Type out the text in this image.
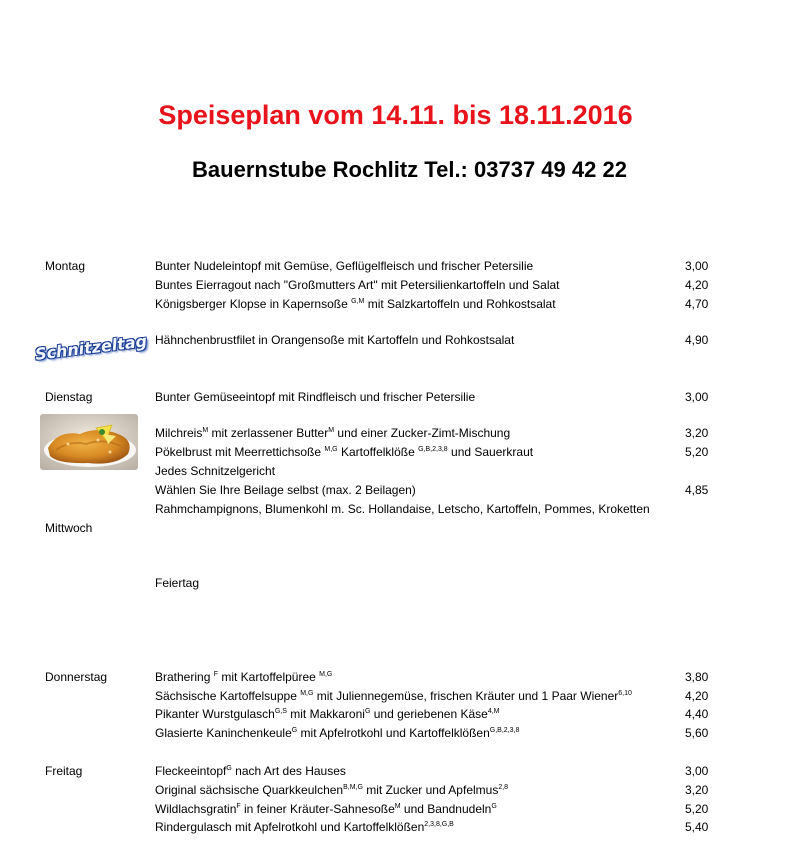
Speiseplan vom 14.11. bis 18.11.2016
Bauernstube Rochlitz Tel.: 03737 49 42 22
Schnitzeltag
Montag	Bunter Nudeleintopf mit Gemüse, Geflügelfleisch und frischer Petersilie	3,00
Buntes Eierragout nach "Großmutters Art" mit Petersilienkartoffeln und Salat	4,20
Königsberger Klopse in Kapernsoße $^{G,M}$ mit Salzkartoffeln und Rohkostsalat	4,70
Hähnchenbrustfilet in Orangensoße mit Kartoffeln und Rohkostsalat	4,90
Dienstag	Bunter Gemüseeintopf mit Rindfleisch und frischer Petersilie	3,00
Milchreis$^M$ mit zerlassener Butter$^M$ und einer Zucker-Zimt-Mischung	3,20
Pökelbrust mit Meerrettichsoße $^{M,G}$ Kartoffelklöße $^{G,B,2,3,8}$ und Sauerkraut	5,20
Jedes Schnitzelgericht
Wählen Sie Ihre Beilage selbst (max. 2 Beilagen)	4,85
Rahmchampignons, Blumenkohl m. Sc. Hollandaise, Letscho, Kartoffeln, Pommes, Kroketten
Mittwoch
Feiertag
Donnerstag	Brathering $^F$ mit Kartoffelpüree $^{M,G}$	3,80
Sächsische Kartoffelsuppe $^{M,G}$ mit Juliennegemüse, frischen Kräuter und 1 Paar Wiener$^{6,10}$	4,20
Pikanter Wurstgulasch$^{G,S}$ mit Makkaroni$^G$ und geriebenen Käse$^{4,M}$	4,40
Glasierte Kaninchenkeule$^G$ mit Apfelrotkohl und Kartoffelklößen$^{G,B,2,3,8}$	5,60
Freitag	Fleckeeintopf$^G$ nach Art des Hauses	3,00
Original sächsische Quarkkeulchen$^{B,M,G}$ mit Zucker und Apfelmus$^{2,8}$	3,20
Wildlachsgratin$^F$ in feiner Kräuter-Sahnesoße$^M$ und Bandnudeln$^G$	5,20
Rindergulasch mit Apfelrotkohl und Kartoffelklößen$^{2,3,8,G,B}$	5,40
